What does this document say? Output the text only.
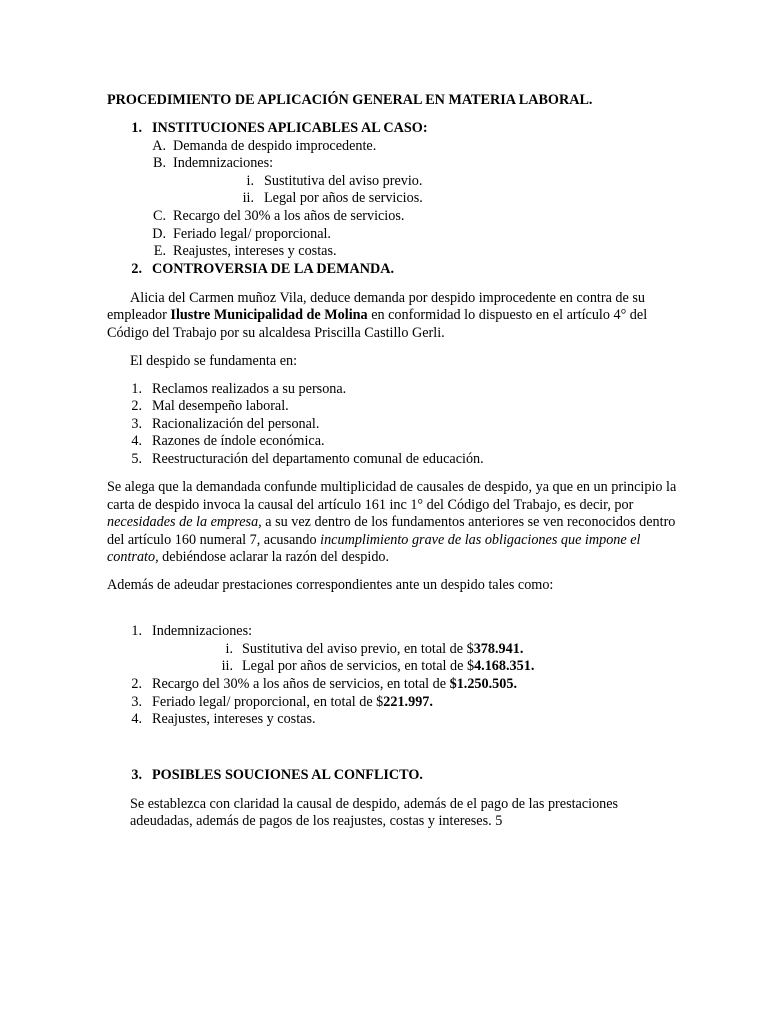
PROCEDIMIENTO DE APLICACIÓN GENERAL EN MATERIA LABORAL.
1. INSTITUCIONES APLICABLES AL CASO:
A. Demanda de despido improcedente.
B. Indemnizaciones:
i. Sustitutiva del aviso previo.
ii. Legal por años de servicios.
C. Recargo del 30% a los años de servicios.
D. Feriado legal/ proporcional.
E. Reajustes, intereses y costas.
2. CONTROVERSIA DE LA DEMANDA.
Alicia del Carmen muñoz Vila, deduce demanda por despido improcedente en contra de su
empleador Ilustre Municipalidad de Molina en conformidad lo dispuesto en el artículo 4° del
Código del Trabajo por su alcaldesa Priscilla Castillo Gerli.
El despido se fundamenta en:
1. Reclamos realizados a su persona.
2. Mal desempeño laboral.
3. Racionalización del personal.
4. Razones de índole económica.
5. Reestructuración del departamento comunal de educación.
Se alega que la demandada confunde multiplicidad de causales de despido, ya que en un principio la
carta de despido invoca la causal del artículo 161 inc 1° del Código del Trabajo, es decir, por
necesidades de la empresa, a su vez dentro de los fundamentos anteriores se ven reconocidos dentro
del artículo 160 numeral 7, acusando incumplimiento grave de las obligaciones que impone el
contrato, debiéndose aclarar la razón del despido.
Además de adeudar prestaciones correspondientes ante un despido tales como:
1. Indemnizaciones:
i. Sustitutiva del aviso previo, en total de $378.941.
ii. Legal por años de servicios, en total de $4.168.351.
2. Recargo del 30% a los años de servicios, en total de $1.250.505.
3. Feriado legal/ proporcional, en total de $221.997.
4. Reajustes, intereses y costas.
3. POSIBLES SOUCIONES AL CONFLICTO.
Se establezca con claridad la causal de despido, además de el pago de las prestaciones
adeudadas, además de pagos de los reajustes, costas y intereses. 5
